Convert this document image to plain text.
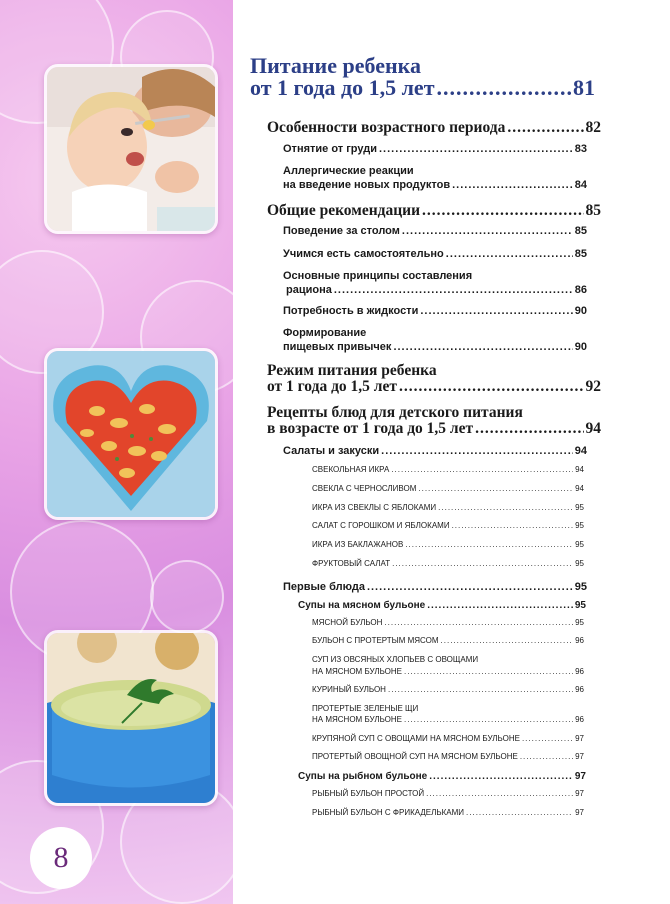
8
Питание ребенка
от 1 года до 1,5 лет .....	81
Особенности возрастного периода .....	82
Отнятие от груди .....	83
Аллергические реакции
на введение новых продуктов .....	84
Общие рекомендации .....	85
Поведение за столом .....	85
Учимся есть самостоятельно .....	85
Основные принципы составления
рациона .....	86
Потребность в жидкости .....	90
Формирование
пищевых привычек .....	90
Режим питания ребенка
от 1 года до 1,5 лет .....	92
Рецепты блюд для детского питания
в возрасте от 1 года до 1,5 лет .....	94
Салаты и закуски .....	94
СВЕКОЛЬНАЯ ИКРА .....	94
СВЕКЛА С ЧЕРНОСЛИВОМ .....	94
ИКРА ИЗ СВЕКЛЫ С ЯБЛОКАМИ .....	95
САЛАТ С ГОРОШКОМ И ЯБЛОКАМИ .....	95
ИКРА ИЗ БАКЛАЖАНОВ .....	95
ФРУКТОВЫЙ САЛАТ .....	95
Первые блюда .....	95
Супы на мясном бульоне .....	95
МЯСНОЙ БУЛЬОН .....	95
БУЛЬОН С ПРОТЕРТЫМ МЯСОМ .....	96
СУП ИЗ ОВСЯНЫХ ХЛОПЬЕВ С ОВОЩАМИ
НА МЯСНОМ БУЛЬОНЕ .....	96
КУРИНЫЙ БУЛЬОН .....	96
ПРОТЕРТЫЕ ЗЕЛЕНЫЕ ЩИ
НА МЯСНОМ БУЛЬОНЕ .....	96
КРУПЯНОЙ СУП С ОВОЩАМИ НА МЯСНОМ БУЛЬОНЕ .....	97
ПРОТЕРТЫЙ ОВОЩНОЙ СУП НА МЯСНОМ БУЛЬОНЕ .....	97
Супы на рыбном бульоне .....	97
РЫБНЫЙ БУЛЬОН ПРОСТОЙ .....	97
РЫБНЫЙ БУЛЬОН С ФРИКАДЕЛЬКАМИ .....	97
